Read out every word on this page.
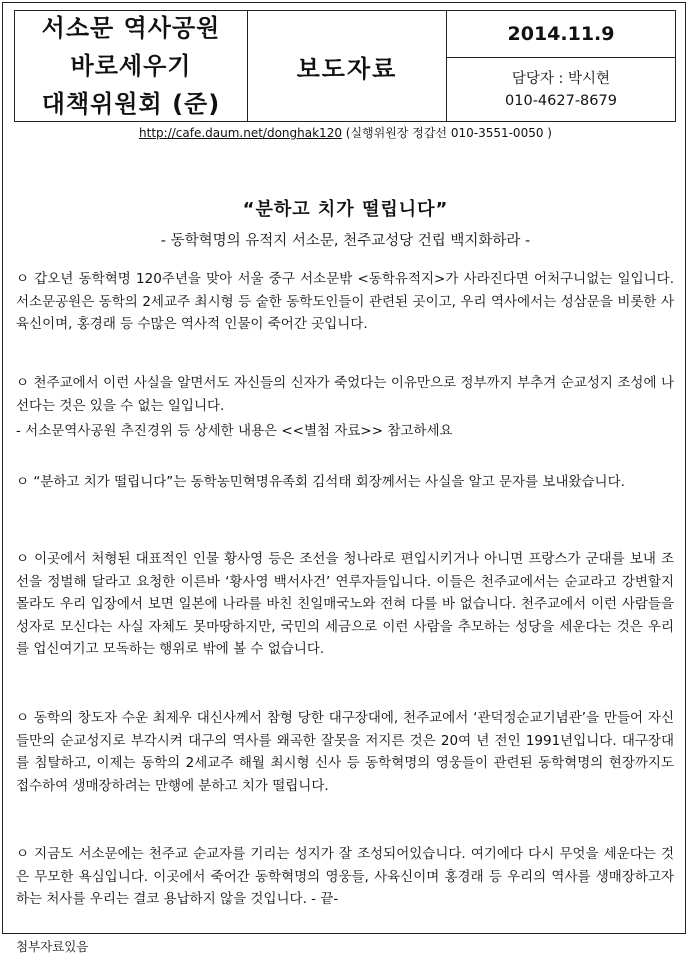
서소문 역사공원
바로세우기
대책위원회 (준)
보도자료
2014.11.9
담당자 : 박시현
010-4627-8679
http://cafe.daum.net/donghak120 (실행위원장 정갑선 010-3551-0050 )
“분하고 치가 떨립니다”
- 동학혁명의 유적지 서소문, 천주교성당 건립 백지화하라 -
ㅇ 갑오년 동학혁명 120주년을 맞아 서울 중구 서소문밖 <동학유적지>가 사라진다면 어처구니없는 일입니다. 서소문공원은 동학의 2세교주 최시형 등 숱한 동학도인들이 관련된 곳이고, 우리 역사에서는 성삼문을 비롯한 사육신이며, 홍경래 등 수많은 역사적 인물이 죽어간 곳입니다.
ㅇ 천주교에서 이런 사실을 알면서도 자신들의 신자가 죽었다는 이유만으로 정부까지 부추겨 순교성지 조성에 나선다는 것은 있을 수 없는 일입니다.
- 서소문역사공원 추진경위 등 상세한 내용은 <<별첨 자료>> 참고하세요
ㅇ “분하고 치가 떨립니다”는 동학농민혁명유족회 김석태 회장께서는 사실을 알고 문자를 보내왔습니다.
ㅇ 이곳에서 처형된 대표적인 인물 황사영 등은 조선을 청나라로 편입시키거나 아니면 프랑스가 군대를 보내 조선을 정벌해 달라고 요청한 이른바 ‘황사영 백서사건’ 연루자들입니다. 이들은 천주교에서는 순교라고 강변할지 몰라도 우리 입장에서 보면 일본에 나라를 바친 친일매국노와 전혀 다를 바 없습니다. 천주교에서 이런 사람들을 성자로 모신다는 사실 자체도 못마땅하지만, 국민의 세금으로 이런 사람을 추모하는 성당을 세운다는 것은 우리를 업신여기고 모독하는 행위로 밖에 볼 수 없습니다.
ㅇ 동학의 창도자 수운 최제우 대신사께서 참형 당한 대구장대에, 천주교에서 ‘관덕정순교기념관’을 만들어 자신들만의 순교성지로 부각시켜 대구의 역사를 왜곡한 잘못을 저지른 것은 20여 년 전인 1991년입니다. 대구장대를 침탈하고, 이제는 동학의 2세교주 해월 최시형 신사 등 동학혁명의 영웅들이 관련된 동학혁명의 현장까지도 접수하여 생매장하려는 만행에 분하고 치가 떨립니다.
ㅇ 지금도 서소문에는 천주교 순교자를 기리는 성지가 잘 조성되어있습니다. 여기에다 다시 무엇을 세운다는 것은 무모한 욕심입니다. 이곳에서 죽어간 동학혁명의 영웅들, 사육신이며 홍경래 등 우리의 역사를 생매장하고자 하는 처사를 우리는 결코 용납하지 않을 것입니다. - 끝-
첨부자료있음
